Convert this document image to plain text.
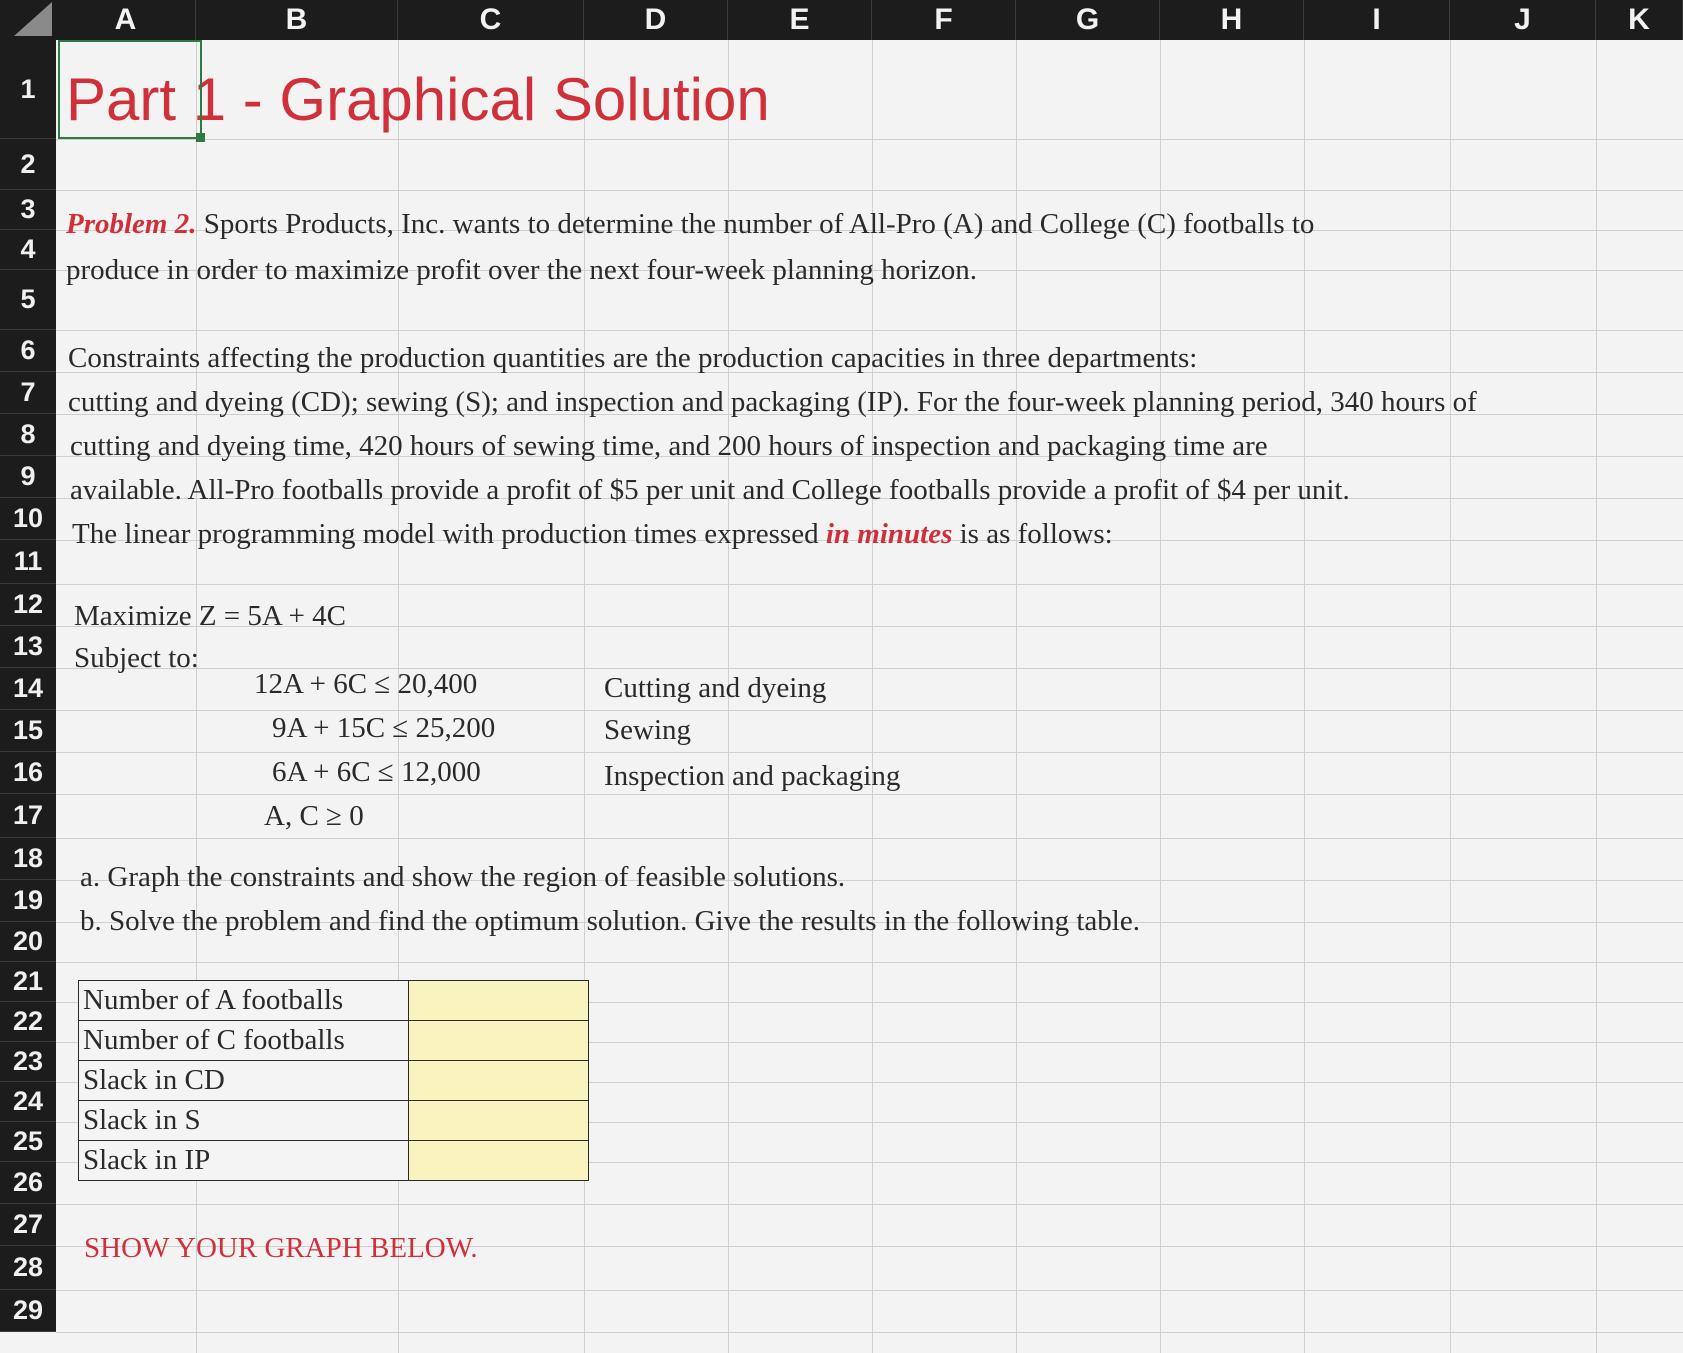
A	B	C	D	E	F	G	H	I	J	K
1
2
3
4
5
6
7
8
9
10
11
12
13
14
15
16
17
18
19
20
21
22
23
24
25
26
27
28
29
Part 1 - Graphical Solution
Problem 2. Sports Products, Inc. wants to determine the number of All-Pro (A) and College (C) footballs to
produce in order to maximize profit over the next four-week planning horizon.
Constraints affecting the production quantities are the production capacities in three departments:
cutting and dyeing (CD); sewing (S); and inspection and packaging (IP). For the four-week planning period, 340 hours of
cutting and dyeing time, 420 hours of sewing time, and 200 hours of inspection and packaging time are
available. All-Pro footballs provide a profit of $5 per unit and College footballs provide a profit of $4 per unit.
The linear programming model with production times expressed in minutes is as follows:
Maximize Z = 5A + 4C
Subject to:
12A + 6C ≤ 20,400	Cutting and dyeing
9A + 15C ≤ 25,200	Sewing
6A + 6C ≤ 12,000	Inspection and packaging
A, C ≥ 0
a. Graph the constraints and show the region of feasible solutions.
b. Solve the problem and find the optimum solution. Give the results in the following table.
Number of A footballs	
Number of C footballs	
Slack in CD	
Slack in S	
Slack in IP	
SHOW YOUR GRAPH BELOW.
